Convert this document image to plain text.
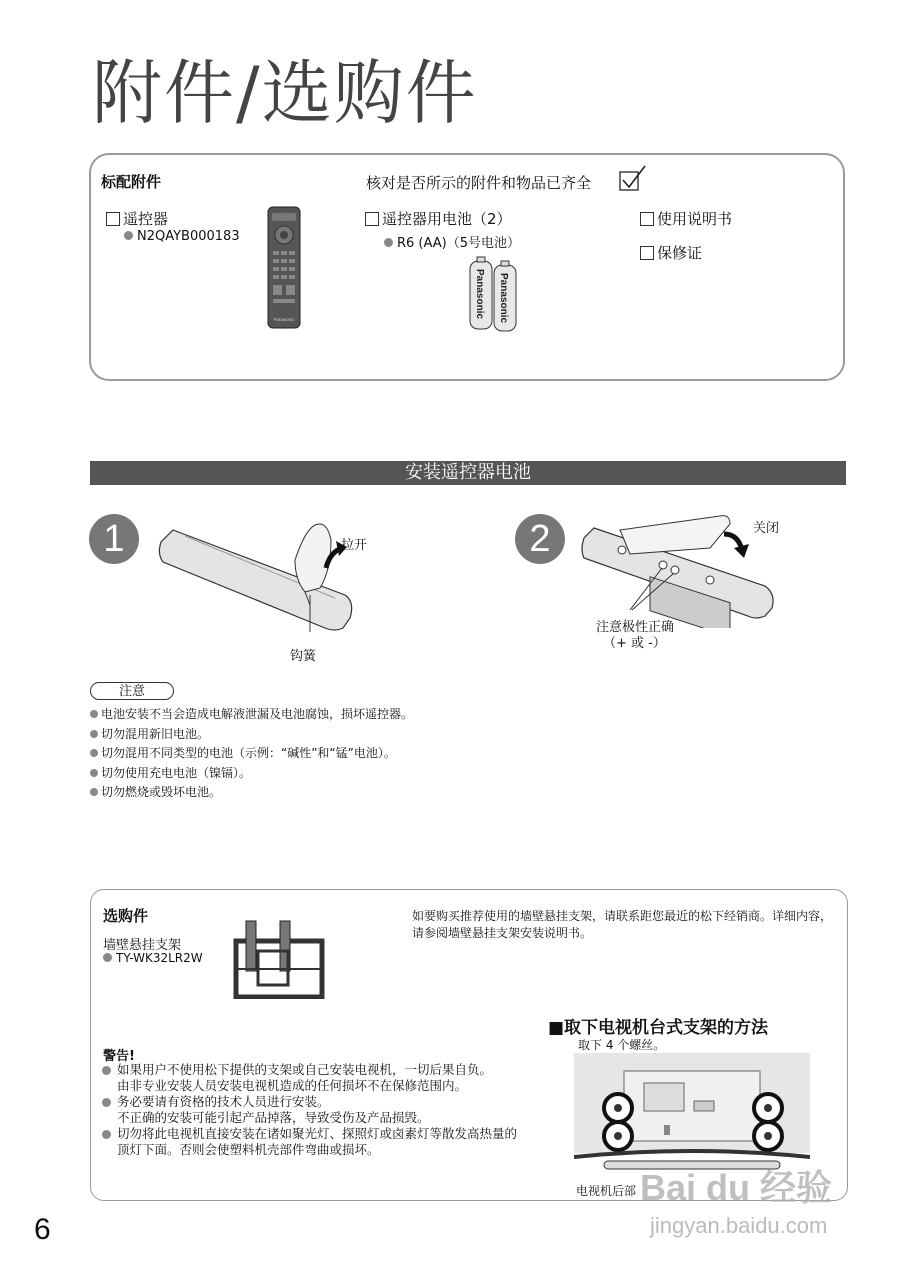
附件/选购件
标配附件	核对是否所示的附件和物品已齐全
遥控器
N2QAYB000183
遥控器用电池（2）
R6 (AA)（5号电池）
使用说明书
保修证
Panasonic
Panasonic Panasonic
安装遥控器电池
1	拉开
钩簧
2	关闭
注意极性正确
（+ 或 -）
注意
电池安装不当会造成电解液泄漏及电池腐蚀，损坏遥控器。
切勿混用新旧电池。
切勿混用不同类型的电池（示例：“碱性”和“锰”电池）。
切勿使用充电电池（镍镉）。
切勿燃烧或毁坏电池。
选购件
墙壁悬挂支架
TY-WK32LR2W
如要购买推荐使用的墙壁悬挂支架，请联系距您最近的松下经销商。详细内容，请参阅墙壁悬挂支架安装说明书。
警告!
如果用户不使用松下提供的支架或自己安装电视机，一切后果自负。
由非专业安装人员安装电视机造成的任何损坏不在保修范围内。
务必要请有资格的技术人员进行安装。
不正确的安装可能引起产品掉落，导致受伤及产品损毁。
切勿将此电视机直接安装在诸如聚光灯、探照灯或卤素灯等散发高热量的顶灯下面。否则会使塑料机壳部件弯曲或损坏。
■取下电视机台式支架的方法
取下 4 个螺丝。
电视机后部
6
Bai du 经验
jingyan.baidu.com
